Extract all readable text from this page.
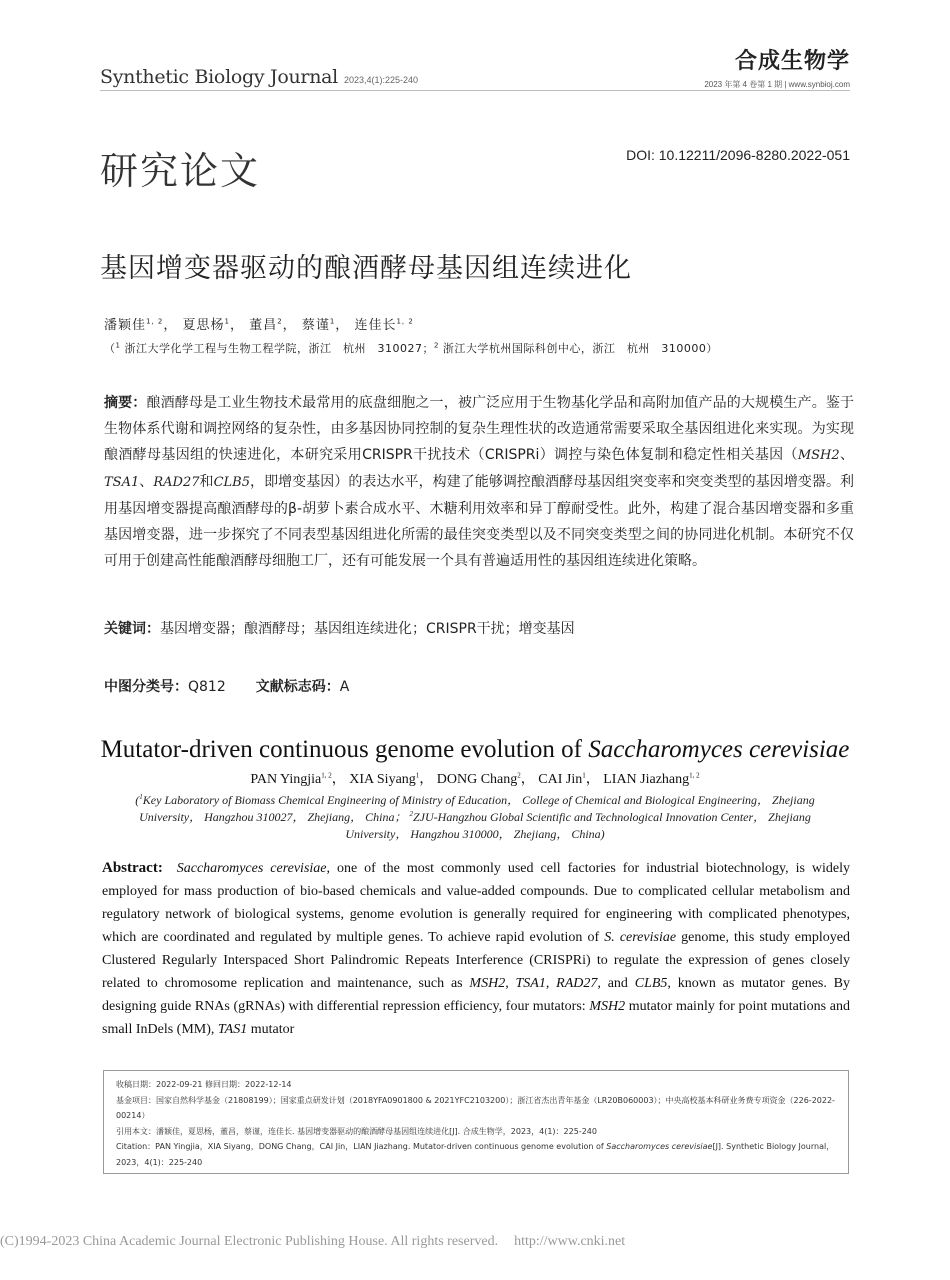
Synthetic Biology Journal 2023,4(1):225-240
合成生物学
2023 年第 4 卷第 1 期 | www.synbioj.com
研究论文	DOI: 10.12211/2096-8280.2022-051
基因增变器驱动的酿酒酵母基因组连续进化
潘颖佳$^{1, 2}$， 夏思杨$^1$， 董昌$^2$， 蔡谨$^1$， 连佳长$^{1, 2}$
（$^1$ 浙江大学化学工程与生物工程学院，浙江　杭州　310027；$^2$ 浙江大学杭州国际科创中心，浙江　杭州　310000）
摘要：酿酒酵母是工业生物技术最常用的底盘细胞之一，被广泛应用于生物基化学品和高附加值产品的大规模生产。鉴于生物体系代谢和调控网络的复杂性，由多基因协同控制的复杂生理性状的改造通常需要采取全基因组进化来实现。为实现酿酒酵母基因组的快速进化，本研究采用CRISPR干扰技术（CRISPRi）调控与染色体复制和稳定性相关基因（MSH2、TSA1、RAD27和CLB5，即增变基因）的表达水平，构建了能够调控酿酒酵母基因组突变率和突变类型的基因增变器。利用基因增变器提高酿酒酵母的β-胡萝卜素合成水平、木糖利用效率和异丁醇耐受性。此外，构建了混合基因增变器和多重基因增变器，进一步探究了不同表型基因组进化所需的最佳突变类型以及不同突变类型之间的协同进化机制。本研究不仅可用于创建高性能酿酒酵母细胞工厂，还有可能发展一个具有普遍适用性的基因组连续进化策略。
关键词：基因增变器；酿酒酵母；基因组连续进化；CRISPR干扰；增变基因
中图分类号：Q812 文献标志码：A
Mutator-driven continuous genome evolution of Saccharomyces cerevisiae
PAN Yingjia$^{1, 2}$， XIA Siyang$^1$， DONG Chang$^2$， CAI Jin$^1$， LIAN Jiazhang$^{1, 2}$
($^1$Key Laboratory of Biomass Chemical Engineering of Ministry of Education， College of Chemical and Biological Engineering， Zhejiang University， Hangzhou 310027， Zhejiang， China； $^2$ZJU-Hangzhou Global Scientific and Technological Innovation Center， Zhejiang University， Hangzhou 310000， Zhejiang， China)
Abstract: Saccharomyces cerevisiae, one of the most commonly used cell factories for industrial biotechnology, is widely employed for mass production of bio-based chemicals and value-added compounds. Due to complicated cellular metabolism and regulatory network of biological systems, genome evolution is generally required for engineering with complicated phenotypes, which are coordinated and regulated by multiple genes. To achieve rapid evolution of S. cerevisiae genome, this study employed Clustered Regularly Interspaced Short Palindromic Repeats Interference (CRISPRi) to regulate the expression of genes closely related to chromosome replication and maintenance, such as MSH2, TSA1, RAD27, and CLB5, known as mutator genes. By designing guide RNAs (gRNAs) with differential repression efficiency, four mutators: MSH2 mutator mainly for point mutations and small InDels (MM), TAS1 mutator
收稿日期：2022-09-21 修回日期：2022-12-14
基金项目：国家自然科学基金（21808199）；国家重点研发计划（2018YFA0901800 & 2021YFC2103200）；浙江省杰出青年基金（LR20B060003）；中央高校基本科研业务费专项资金（226-2022-00214）
引用本文：潘颖佳，夏思杨，董昌，蔡谨，连佳长. 基因增变器驱动的酿酒酵母基因组连续进化[J]. 合成生物学，2023，4(1)：225-240
Citation：PAN Yingjia，XIA Siyang，DONG Chang，CAI Jin，LIAN Jiazhang. Mutator-driven continuous genome evolution of Saccharomyces cerevisiae[J]. Synthetic Biology Journal，2023，4(1)：225-240
(C)1994-2023 China Academic Journal Electronic Publishing House. All rights reserved. http://www.cnki.net
